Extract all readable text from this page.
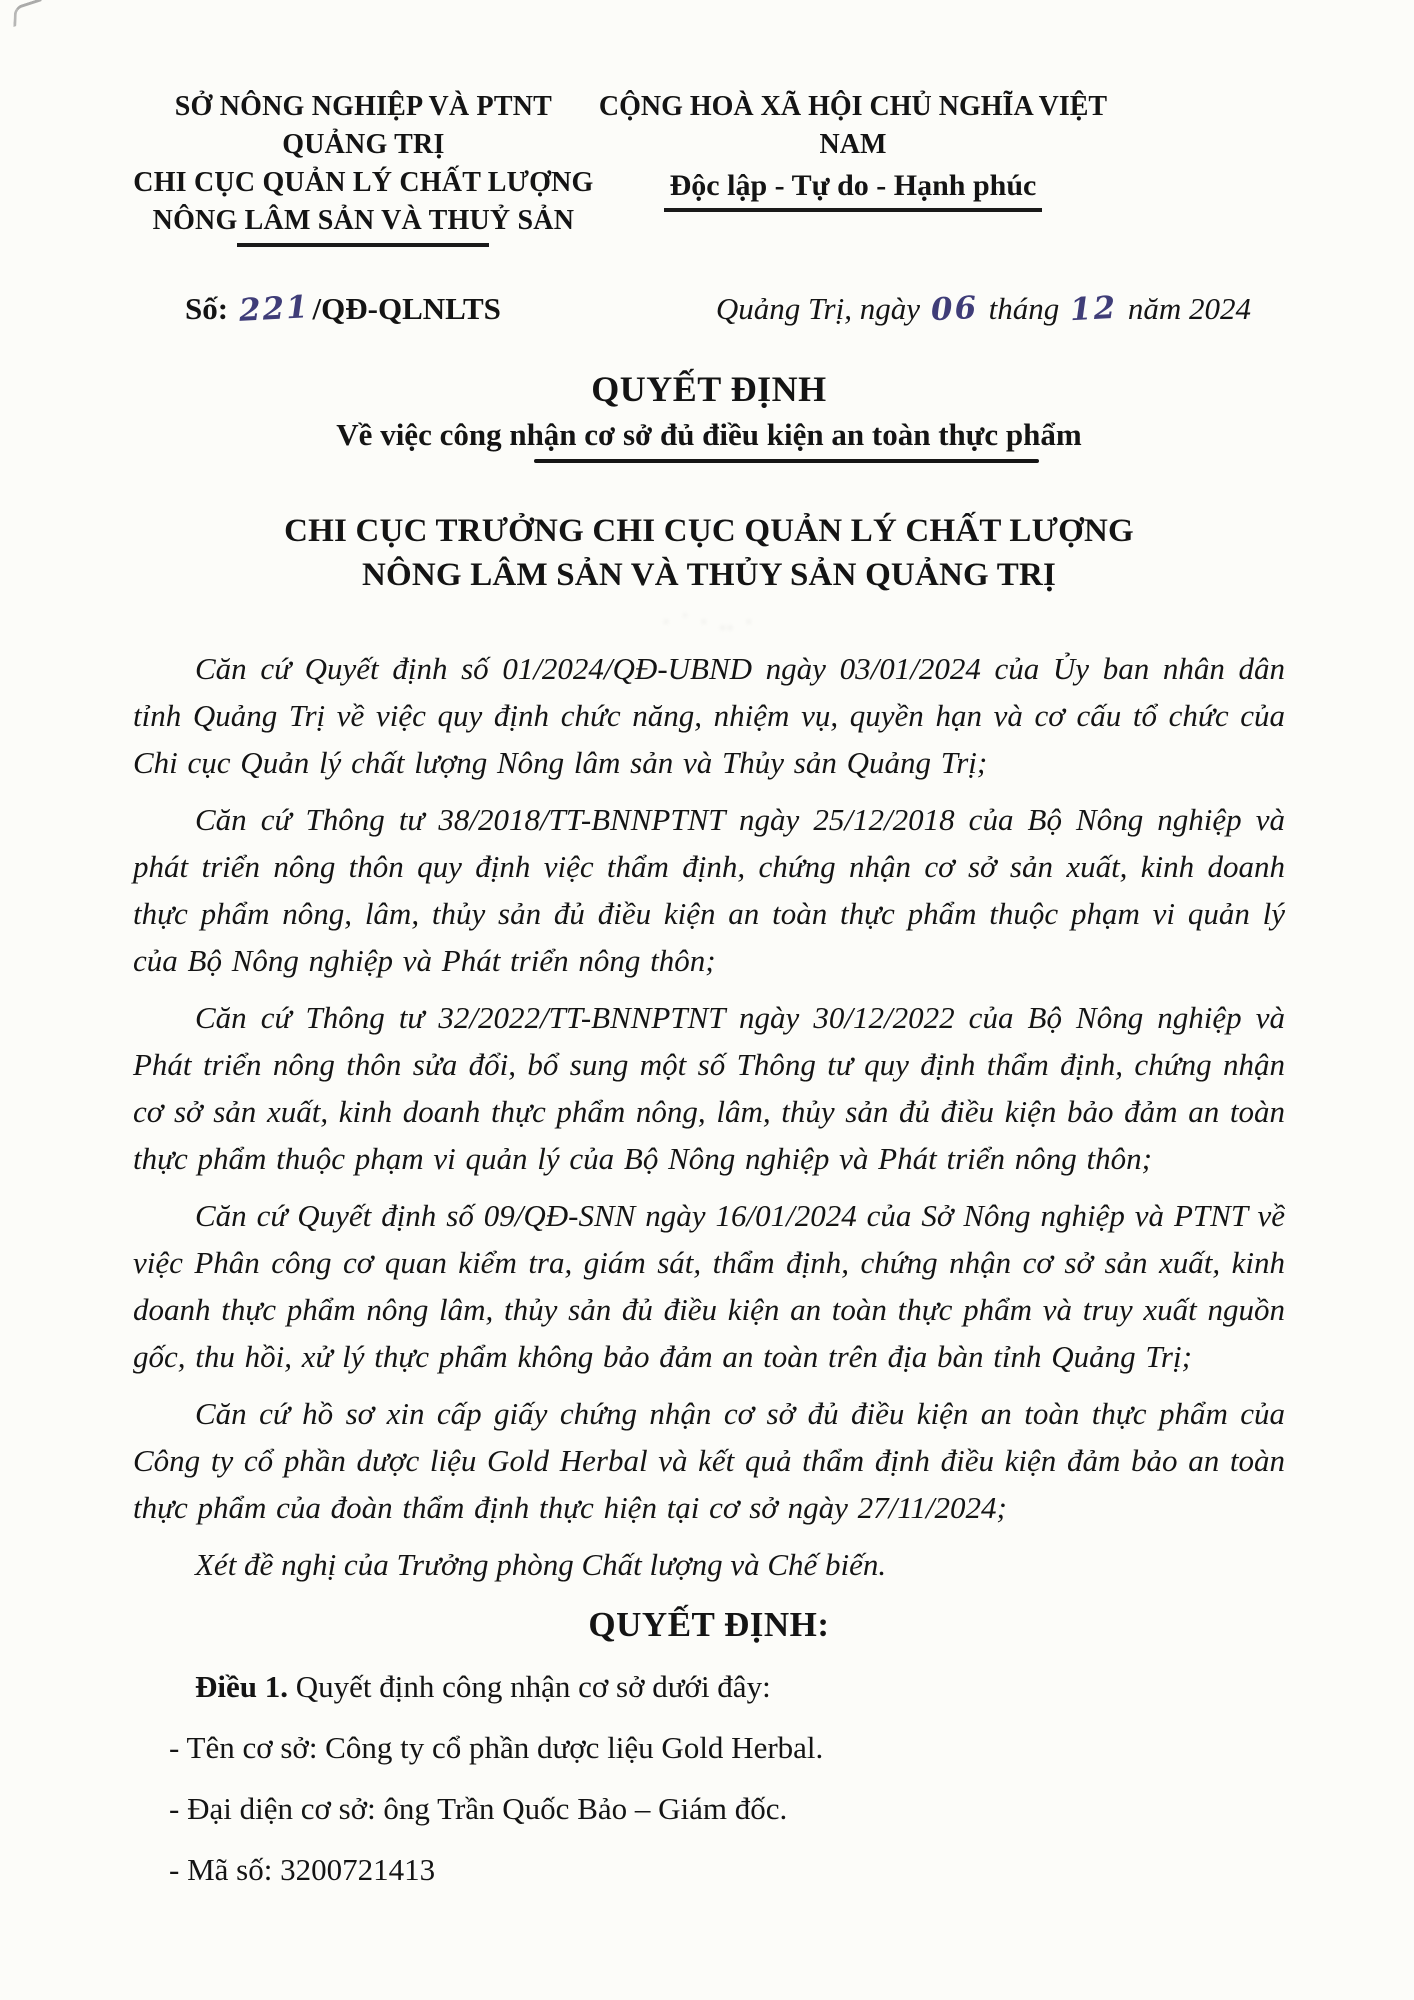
SỞ NÔNG NGHIỆP VÀ PTNT QUẢNG TRỊ
CHI CỤC QUẢN LÝ CHẤT LƯỢNG
NÔNG LÂM SẢN VÀ THUỶ SẢN
CỘNG HOÀ XÃ HỘI CHỦ NGHĨA VIỆT NAM
Độc lập - Tự do - Hạnh phúc
Số: 221/QĐ-QLNLTS	Quảng Trị, ngày 06 tháng 12 năm 2024
QUYẾT ĐỊNH
Về việc công nhận cơ sở đủ điều kiện an toàn thực phẩm
CHI CỤC TRƯỞNG CHI CỤC QUẢN LÝ CHẤT LƯỢNG
NÔNG LÂM SẢN VÀ THỦY SẢN QUẢNG TRỊ
· ˙ · ‥ ·

Căn cứ Quyết định số 01/2024/QĐ-UBND ngày 03/01/2024 của Ủy ban nhân dân tỉnh Quảng Trị về việc quy định chức năng, nhiệm vụ, quyền hạn và cơ cấu tổ chức của Chi cục Quản lý chất lượng Nông lâm sản và Thủy sản Quảng Trị;

Căn cứ Thông tư 38/2018/TT-BNNPTNT ngày 25/12/2018 của Bộ Nông nghiệp và phát triển nông thôn quy định việc thẩm định, chứng nhận cơ sở sản xuất, kinh doanh thực phẩm nông, lâm, thủy sản đủ điều kiện an toàn thực phẩm thuộc phạm vi quản lý của Bộ Nông nghiệp và Phát triển nông thôn;

Căn cứ Thông tư 32/2022/TT-BNNPTNT ngày 30/12/2022 của Bộ Nông nghiệp và Phát triển nông thôn sửa đổi, bổ sung một số Thông tư quy định thẩm định, chứng nhận cơ sở sản xuất, kinh doanh thực phẩm nông, lâm, thủy sản đủ điều kiện bảo đảm an toàn thực phẩm thuộc phạm vi quản lý của Bộ Nông nghiệp và Phát triển nông thôn;

Căn cứ Quyết định số 09/QĐ-SNN ngày 16/01/2024 của Sở Nông nghiệp và PTNT về việc Phân công cơ quan kiểm tra, giám sát, thẩm định, chứng nhận cơ sở sản xuất, kinh doanh thực phẩm nông lâm, thủy sản đủ điều kiện an toàn thực phẩm và truy xuất nguồn gốc, thu hồi, xử lý thực phẩm không bảo đảm an toàn trên địa bàn tỉnh Quảng Trị;

Căn cứ hồ sơ xin cấp giấy chứng nhận cơ sở đủ điều kiện an toàn thực phẩm của Công ty cổ phần dược liệu Gold Herbal và kết quả thẩm định điều kiện đảm bảo an toàn thực phẩm của đoàn thẩm định thực hiện tại cơ sở ngày 27/11/2024;

Xét đề nghị của Trưởng phòng Chất lượng và Chế biến.

QUYẾT ĐỊNH:
Điều 1. Quyết định công nhận cơ sở dưới đây:
- Tên cơ sở: Công ty cổ phần dược liệu Gold Herbal.
- Đại diện cơ sở: ông Trần Quốc Bảo – Giám đốc.
- Mã số: 3200721413
